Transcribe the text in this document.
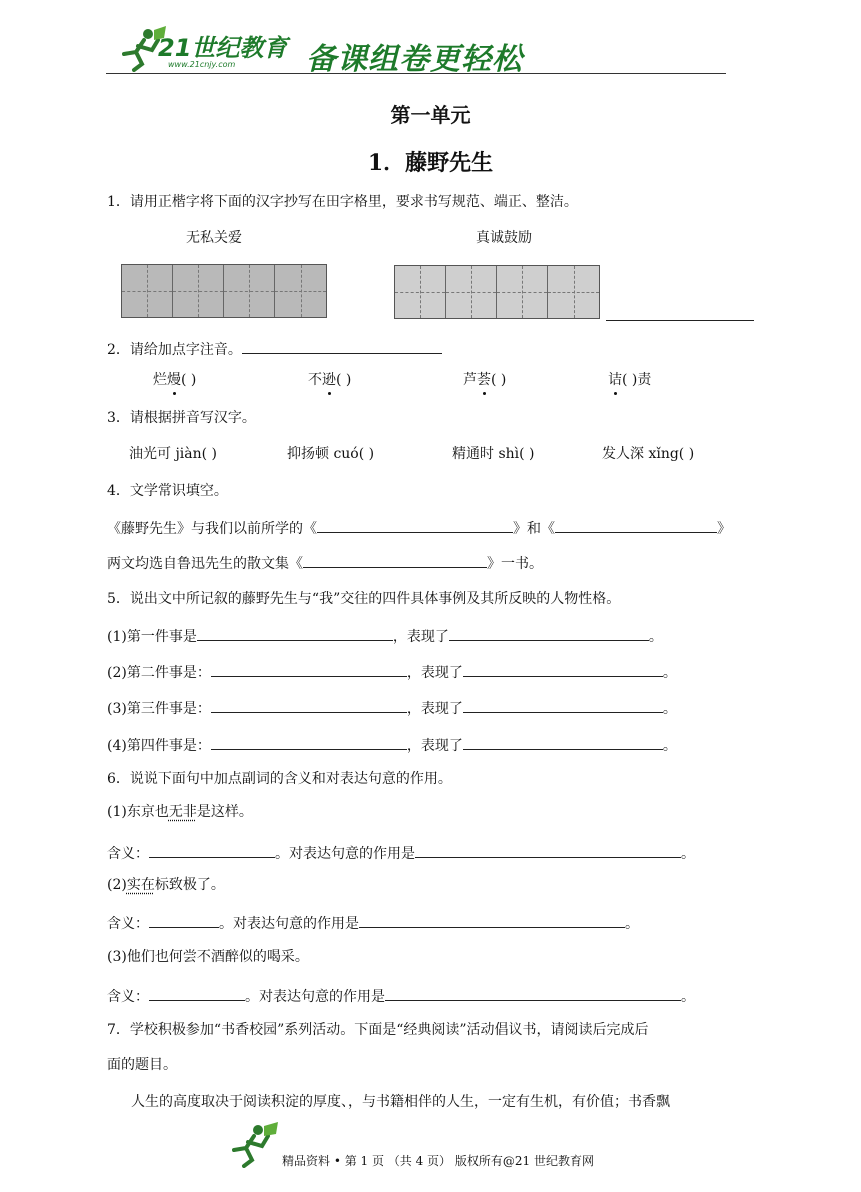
21世纪教育
www.21cnjy.com 备课组卷更轻松
第一单元
1．藤野先生
1．请用正楷字将下面的汉字抄写在田字格里，要求书写规范、端正、整洁。
无私关爱	真诚鼓励
2．请给加点字注音。
烂熳( )	不逊( )	芦荟( )	诘( )责
3．请根据拼音写汉字。
油光可 jiàn( )	抑扬顿 cuó( )	精通时 shì( )	发人深 xǐng( )
4．文学常识填空。
《藤野先生》与我们以前所学的《	》和《	》
两文均选自鲁迅先生的散文集《	》一书。
5．说出文中所记叙的藤野先生与“我”交往的四件具体事例及其所反映的人物性格。
(1)第一件事是	，表现了	。
(2)第二件事是：	，表现了	。
(3)第三件事是：	，表现了	。
(4)第四件事是：	，表现了	。
6．说说下面句中加点副词的含义和对表达句意的作用。
(1)东京也无非是这样。
含义：	。对表达句意的作用是	。
(2)实在标致极了。
含义：	。对表达句意的作用是	。
(3)他们也何尝不酒醉似的喝采。
含义：	。对表达句意的作用是	。
7．学校积极参加“书香校园”系列活动。下面是“经典阅读”活动倡议书，请阅读后完成后
面的题目。
人生的高度取决于阅读积淀的厚度、，与书籍相伴的人生，一定有生机，有价值；书香飘
精品资料 • 第 1 页 （共 4 页） 版权所有@21 世纪教育网
